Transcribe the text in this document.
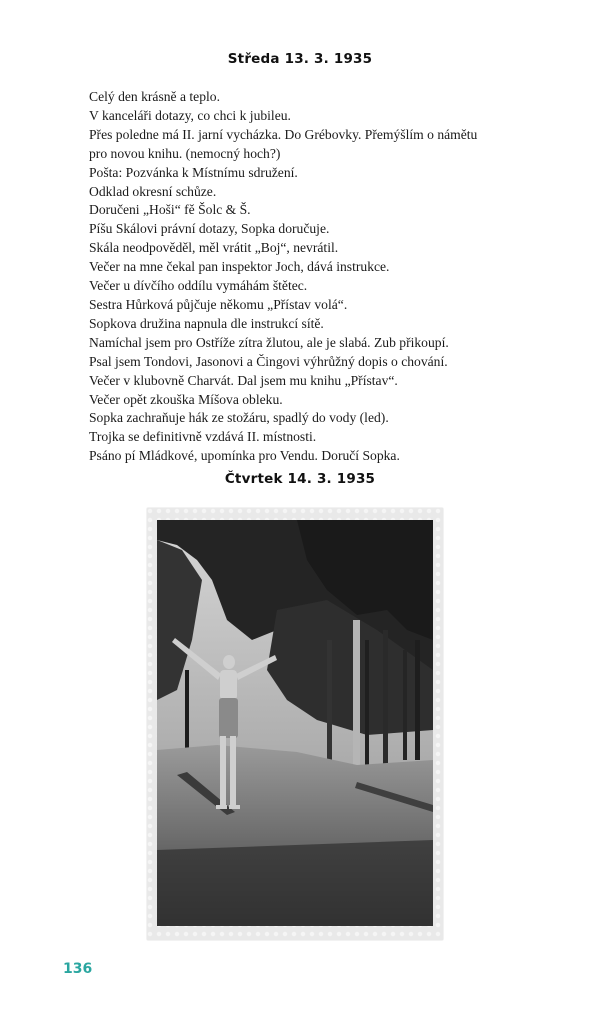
Středa 13. 3. 1935
Celý den krásně a teplo.
V kanceláři dotazy, co chci k jubileu.
Přes poledne má II. jarní vycházka. Do Grébovky. Přemýšlím o námětu
pro novou knihu. (nemocný hoch?)
Pošta: Pozvánka k Místnímu sdružení.
Odklad okresní schůze.
Doručeni „Hoši“ fě Šolc & Š.
Píšu Skálovi právní dotazy, Sopka doručuje.
Skála neodpověděl, měl vrátit „Boj“, nevrátil.
Večer na mne čekal pan inspektor Joch, dává instrukce.
Večer u dívčího oddílu vymáhám štětec.
Sestra Hůrková půjčuje někomu „Přístav volá“.
Sopkova družina napnula dle instrukcí sítě.
Namíchal jsem pro Ostříže zítra žlutou, ale je slabá. Zub přikoupí.
Psal jsem Tondovi, Jasonovi a Čingovi výhrůžný dopis o chování.
Večer v klubovně Charvát. Dal jsem mu knihu „Přístav“.
Večer opět zkouška Míšova obleku.
Sopka zachraňuje hák ze stožáru, spadlý do vody (led).
Trojka se definitivně vzdává II. místnosti.
Psáno pí Mládkové, upomínka pro Vendu. Doručí Sopka.
Čtvrtek 14. 3. 1935
136
